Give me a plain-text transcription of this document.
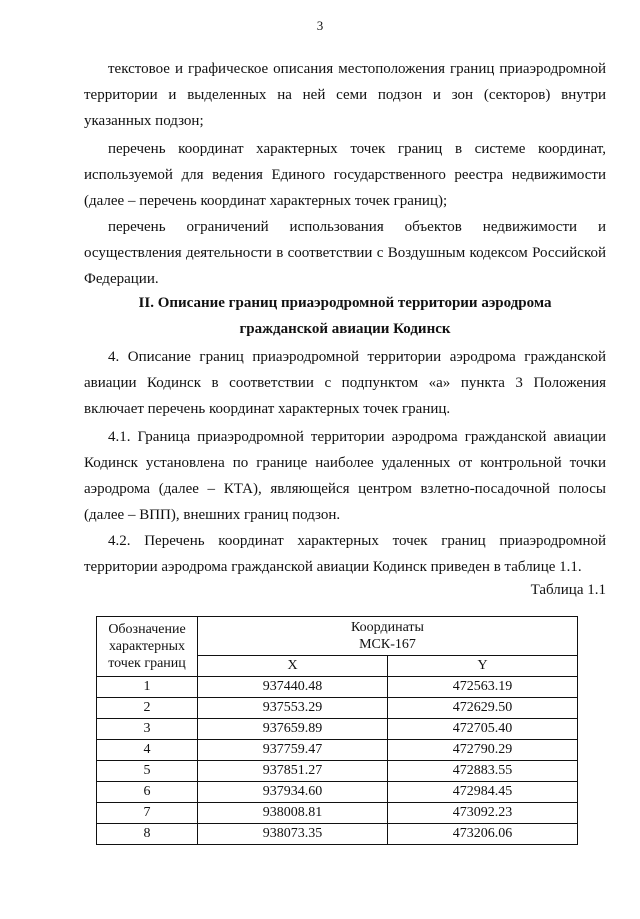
3
текстовое и графическое описания местоположения границ приаэродромной территории и выделенных на ней семи подзон и зон (секторов) внутри указанных подзон;
перечень координат характерных точек границ в системе координат, используемой для ведения Единого государственного реестра недвижимости (далее – перечень координат характерных точек границ);
перечень ограничений использования объектов недвижимости и осуществления деятельности в соответствии с Воздушным кодексом Российской Федерации.
II. Описание границ приаэродромной территории аэродрома
гражданской авиации Кодинск
4. Описание границ приаэродромной территории аэродрома гражданской авиации Кодинск в соответствии с подпунктом «а» пункта 3 Положения включает перечень координат характерных точек границ.
4.1. Граница приаэродромной территории аэродрома гражданской авиации Кодинск установлена по границе наиболее удаленных от контрольной точки аэродрома (далее – КТА), являющейся центром взлетно-посадочной полосы (далее – ВПП), внешних границ подзон.
4.2. Перечень координат характерных точек границ приаэродромной территории аэродрома гражданской авиации Кодинск приведен в таблице 1.1.
Таблица 1.1
Обозначение характерных точек границ	Координаты
МСК-167	

	X	Y
1	937440.48	472563.19
2	937553.29	472629.50
3	937659.89	472705.40
4	937759.47	472790.29
5	937851.27	472883.55
6	937934.60	472984.45
7	938008.81	473092.23
8	938073.35	473206.06
